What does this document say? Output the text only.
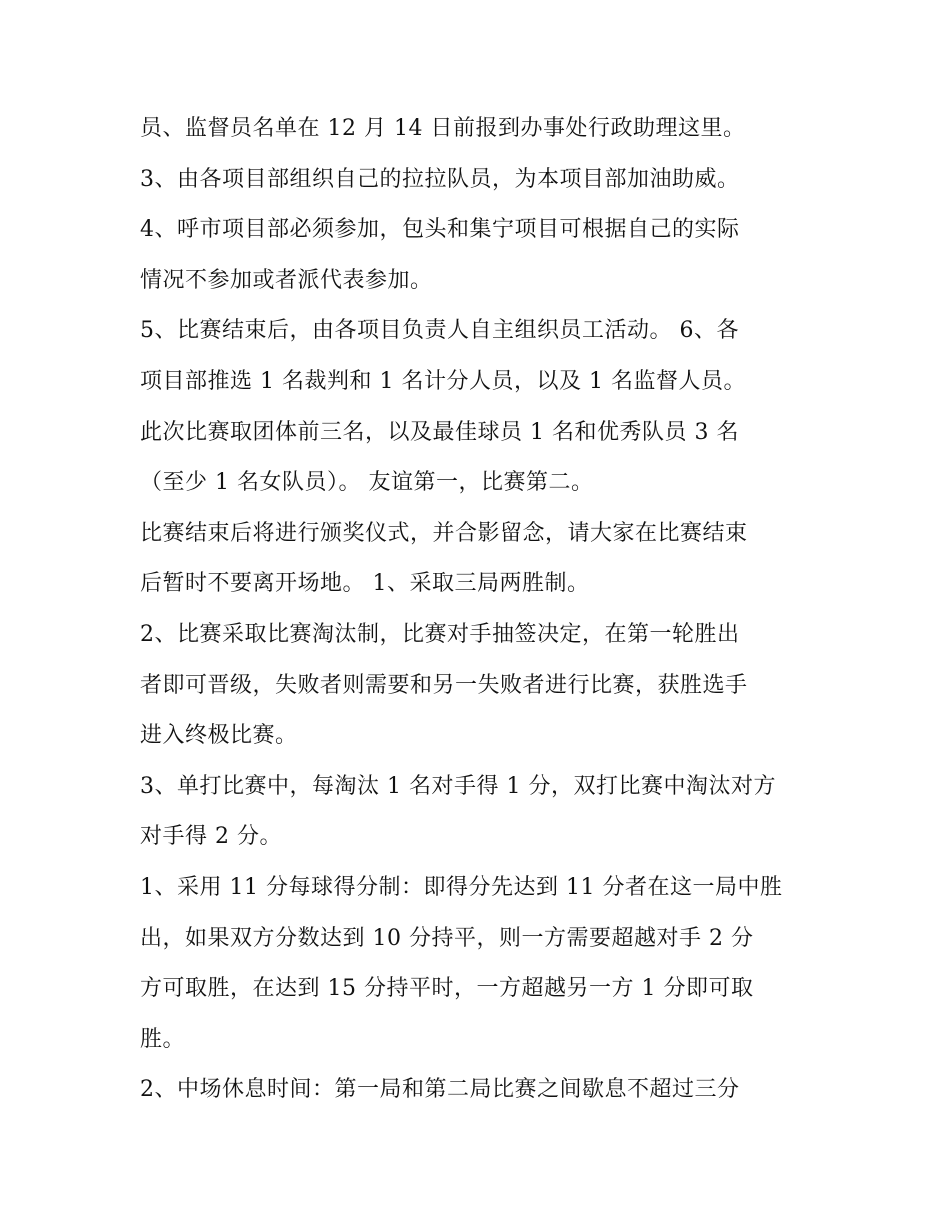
员、监督员名单在 12 月 14 日前报到办事处行政助理这里。
3、由各项目部组织自己的拉拉队员，为本项目部加油助威。
4、呼市项目部必须参加，包头和集宁项目可根据自己的实际
情况不参加或者派代表参加。
5、比赛结束后，由各项目负责人自主组织员工活动。 6、各
项目部推选 1 名裁判和 1 名计分人员，以及 1 名监督人员。
此次比赛取团体前三名，以及最佳球员 1 名和优秀队员 3 名
（至少 1 名女队员）。 友谊第一，比赛第二。
比赛结束后将进行颁奖仪式，并合影留念，请大家在比赛结束
后暂时不要离开场地。 1、采取三局两胜制。
2、比赛采取比赛淘汰制，比赛对手抽签决定，在第一轮胜出
者即可晋级，失败者则需要和另一失败者进行比赛，获胜选手
进入终极比赛。
3、单打比赛中，每淘汰 1 名对手得 1 分，双打比赛中淘汰对方
对手得 2 分。
1、采用 11 分每球得分制：即得分先达到 11 分者在这一局中胜
出，如果双方分数达到 10 分持平，则一方需要超越对手 2 分
方可取胜，在达到 15 分持平时，一方超越另一方 1 分即可取
胜。
2、中场休息时间：第一局和第二局比赛之间歇息不超过三分
